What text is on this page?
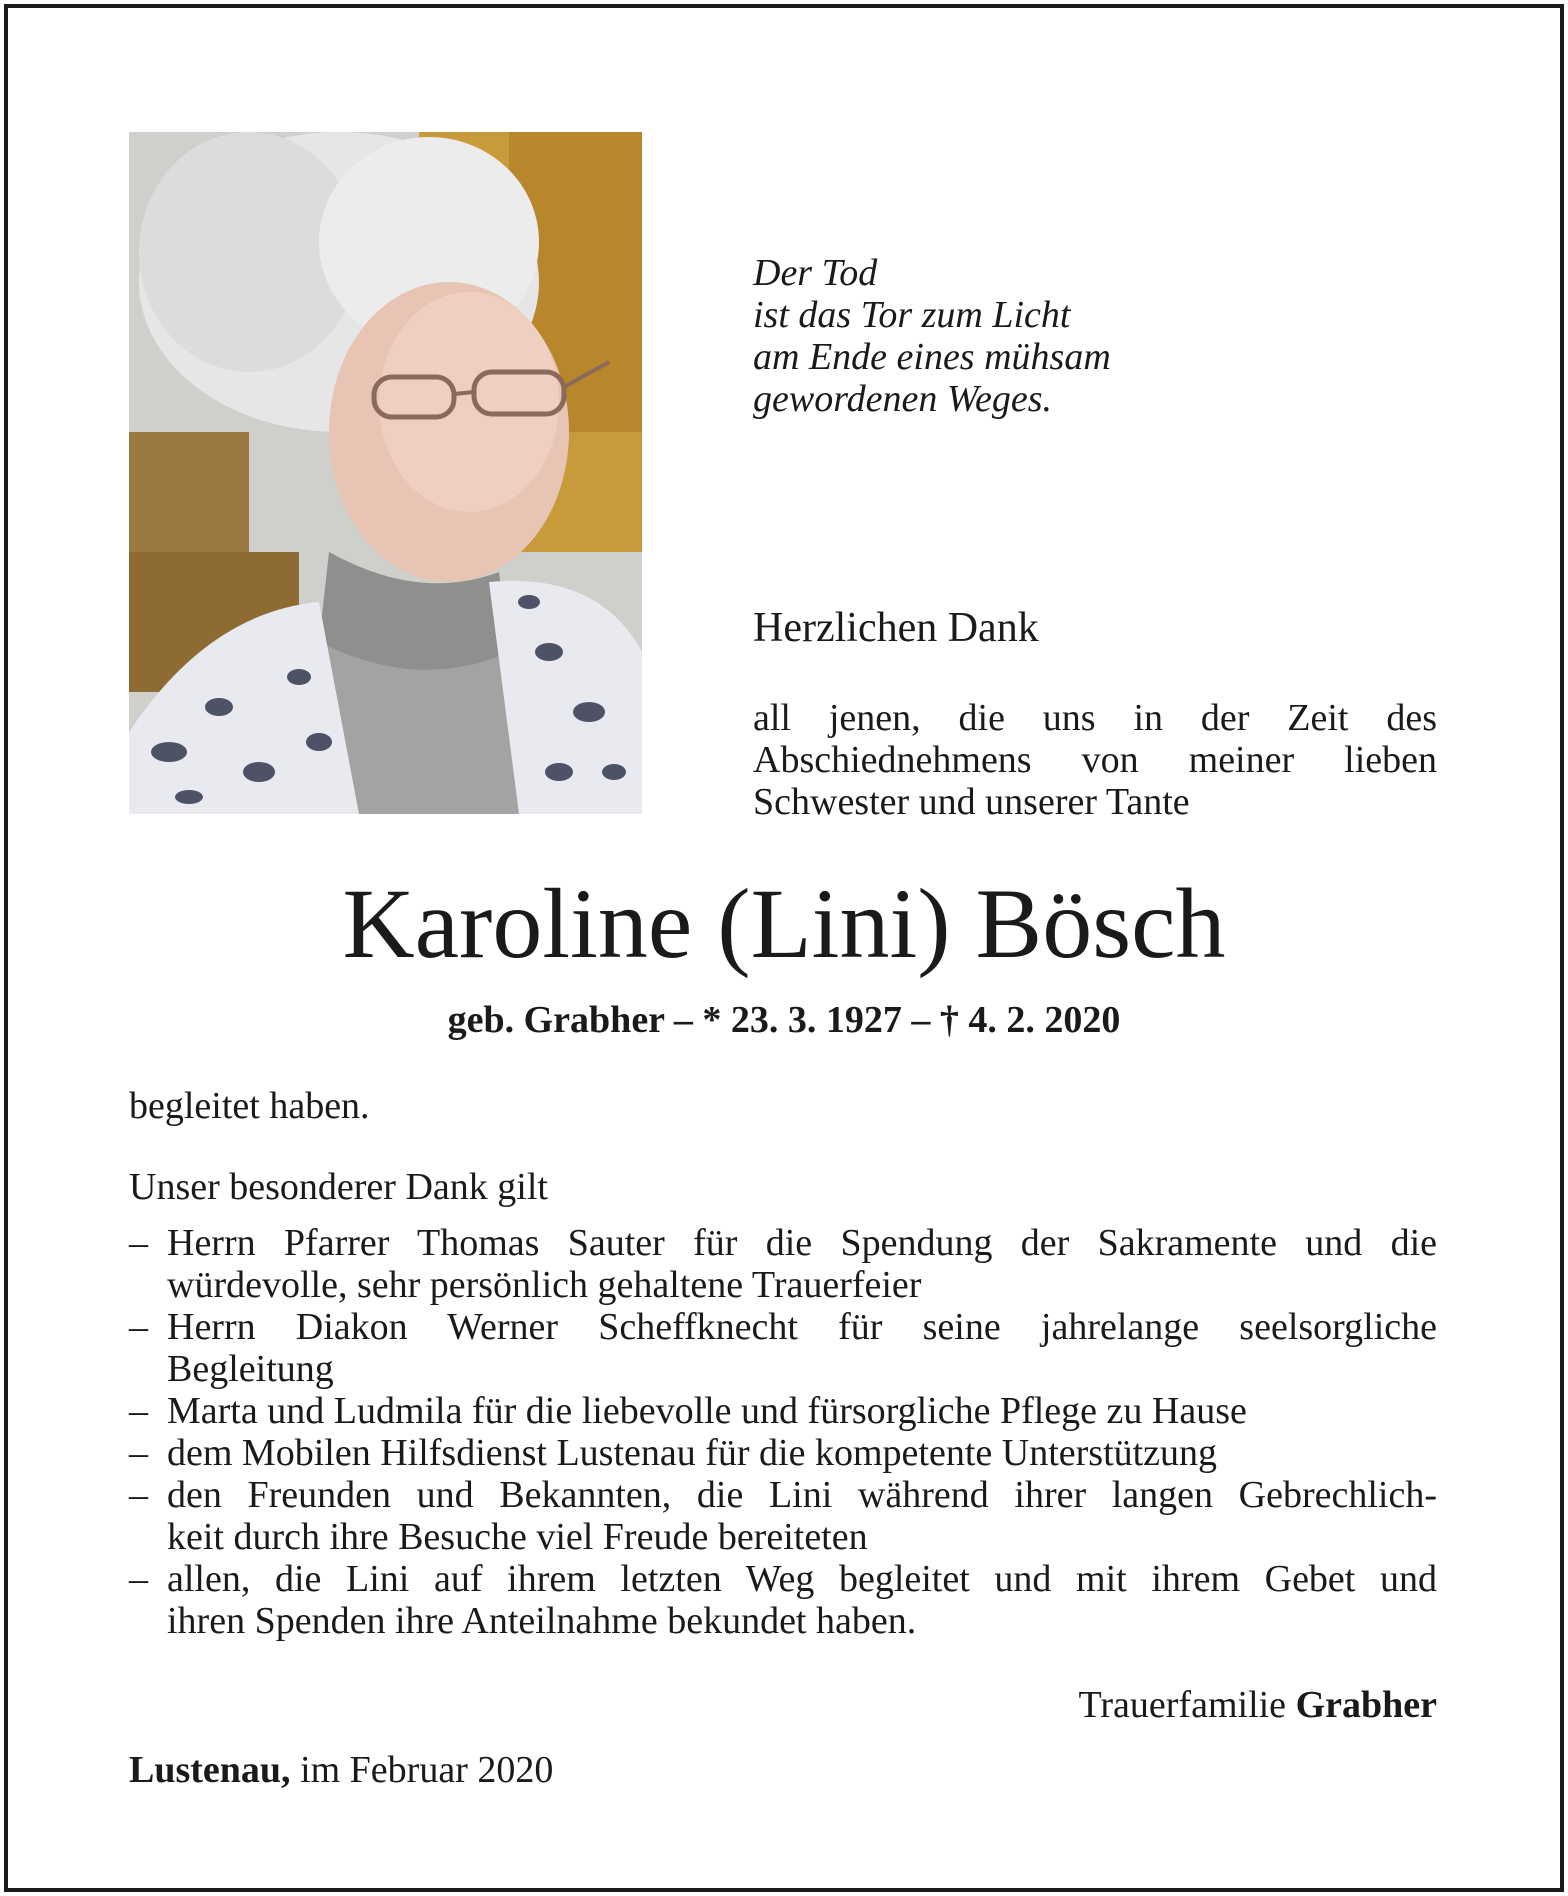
Der Tod
ist das Tor zum Licht
am Ende eines mühsam
gewordenen Weges.
Herzlichen Dank
all jenen, die uns in der Zeit des
Abschiednehmens von meiner lieben
Schwester und unserer Tante
Karoline (Lini) Bösch
geb. Grabher – * 23. 3. 1927 – † 4. 2. 2020
begleitet haben.
Unser besonderer Dank gilt
– Herrn Pfarrer Thomas Sauter für die Spendung der Sakramente und die
würdevolle, sehr persönlich gehaltene Trauerfeier
– Herrn Diakon Werner Scheffknecht für seine jahrelange seelsorgliche
Begleitung
– Marta und Ludmila für die liebevolle und fürsorgliche Pflege zu Hause
– dem Mobilen Hilfsdienst Lustenau für die kompetente Unterstützung
– den Freunden und Bekannten, die Lini während ihrer langen Gebrechlich-
keit durch ihre Besuche viel Freude bereiteten
– allen, die Lini auf ihrem letzten Weg begleitet und mit ihrem Gebet und
ihren Spenden ihre Anteilnahme bekundet haben.
Trauerfamilie Grabher
Lustenau, im Februar 2020
